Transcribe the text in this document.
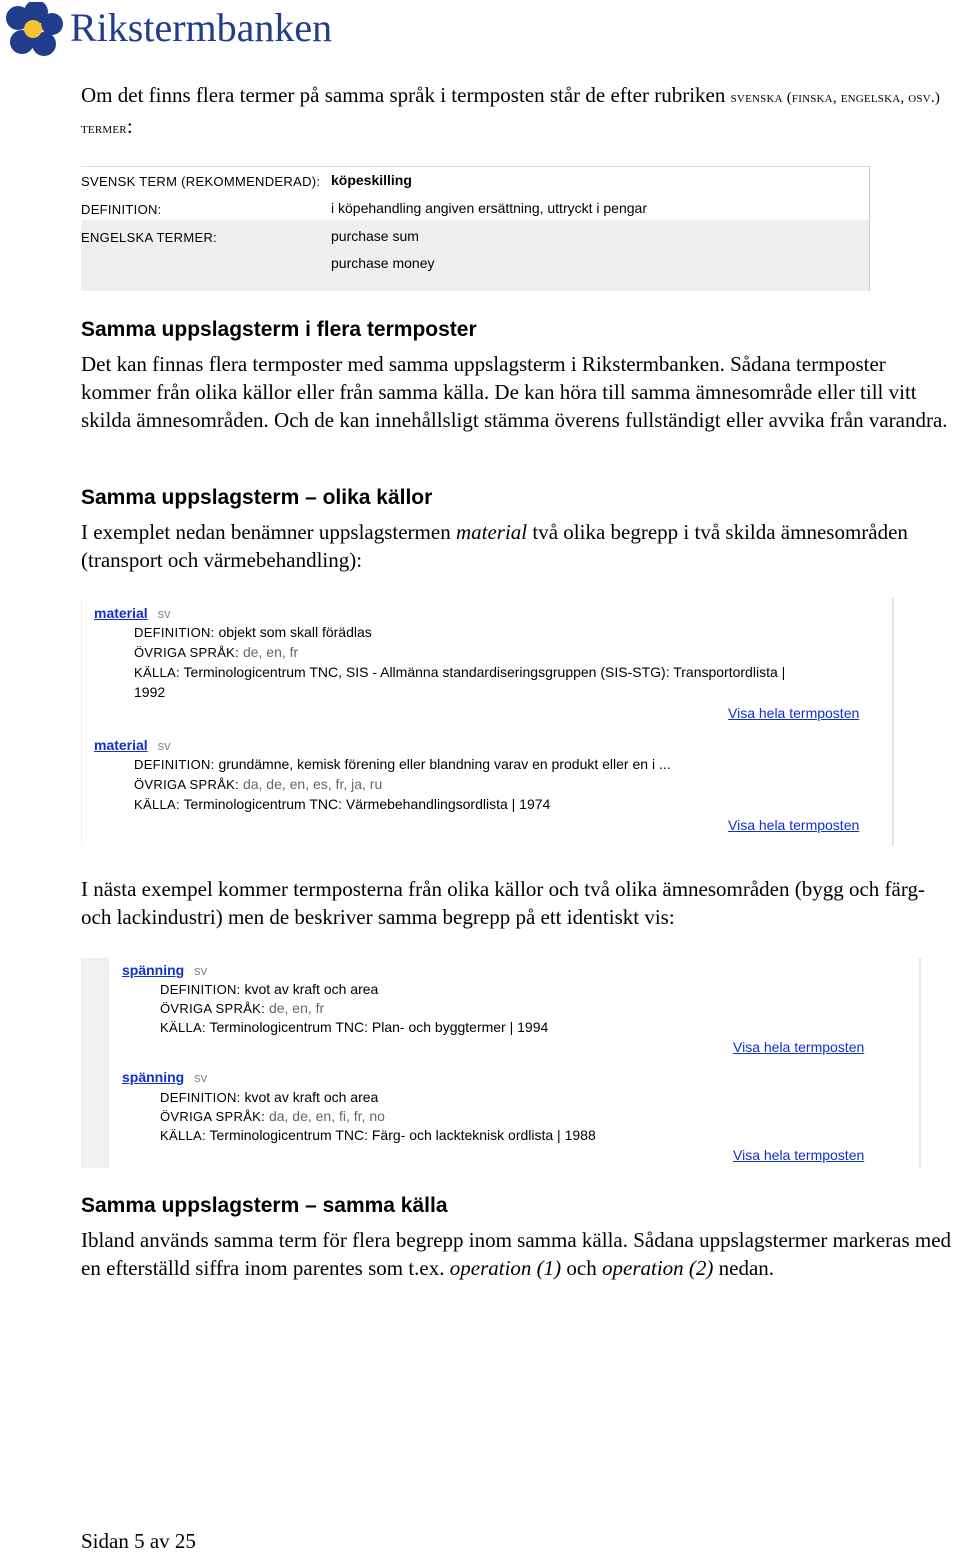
Rikstermbanken
Om det finns flera termer på samma språk i termposten står de efter rubriken svenska (finska, engelska, osv.) termer:
SVENSK TERM (REKOMMENDERAD): köpeskilling
DEFINITION:	i köpehandling angiven ersättning, uttryckt i pengar
ENGELSKA TERMER:	purchase sum
purchase money
Samma uppslagsterm i flera termposter
Det kan finnas flera termposter med samma uppslagsterm i Rikstermbanken. Sådana termposter kommer från olika källor eller från samma källa. De kan höra till samma ämnesområde eller till vitt skilda ämnesområden. Och de kan innehållsligt stämma överens fullständigt eller avvika från varandra.
Samma uppslagsterm – olika källor
I exemplet nedan benämner uppslagstermen material två olika begrepp i två skilda ämnesområden (transport och värmebehandling):
material sv
DEFINITION: objekt som skall förädlas
ÖVRIGA SPRÅK: de, en, fr
KÄLLA: Terminologicentrum TNC, SIS - Allmänna standardiseringsgruppen (SIS-STG): Transportordlista |
1992
Visa hela termposten
material sv
DEFINITION: grundämne, kemisk förening eller blandning varav en produkt eller en i ...
ÖVRIGA SPRÅK: da, de, en, es, fr, ja, ru
KÄLLA: Terminologicentrum TNC: Värmebehandlingsordlista | 1974
Visa hela termposten
I nästa exempel kommer termposterna från olika källor och två olika ämnesområden (bygg och färg- och lackindustri) men de beskriver samma begrepp på ett identiskt vis:
spänning sv
DEFINITION: kvot av kraft och area
ÖVRIGA SPRÅK: de, en, fr
KÄLLA: Terminologicentrum TNC: Plan- och byggtermer | 1994
Visa hela termposten
spänning sv
DEFINITION: kvot av kraft och area
ÖVRIGA SPRÅK: da, de, en, fi, fr, no
KÄLLA: Terminologicentrum TNC: Färg- och lackteknisk ordlista | 1988
Visa hela termposten
Samma uppslagsterm – samma källa
Ibland används samma term för flera begrepp inom samma källa. Sådana uppslagstermer markeras med en efterställd siffra inom parentes som t.ex. operation (1) och operation (2) nedan.
Sidan 5 av 25
